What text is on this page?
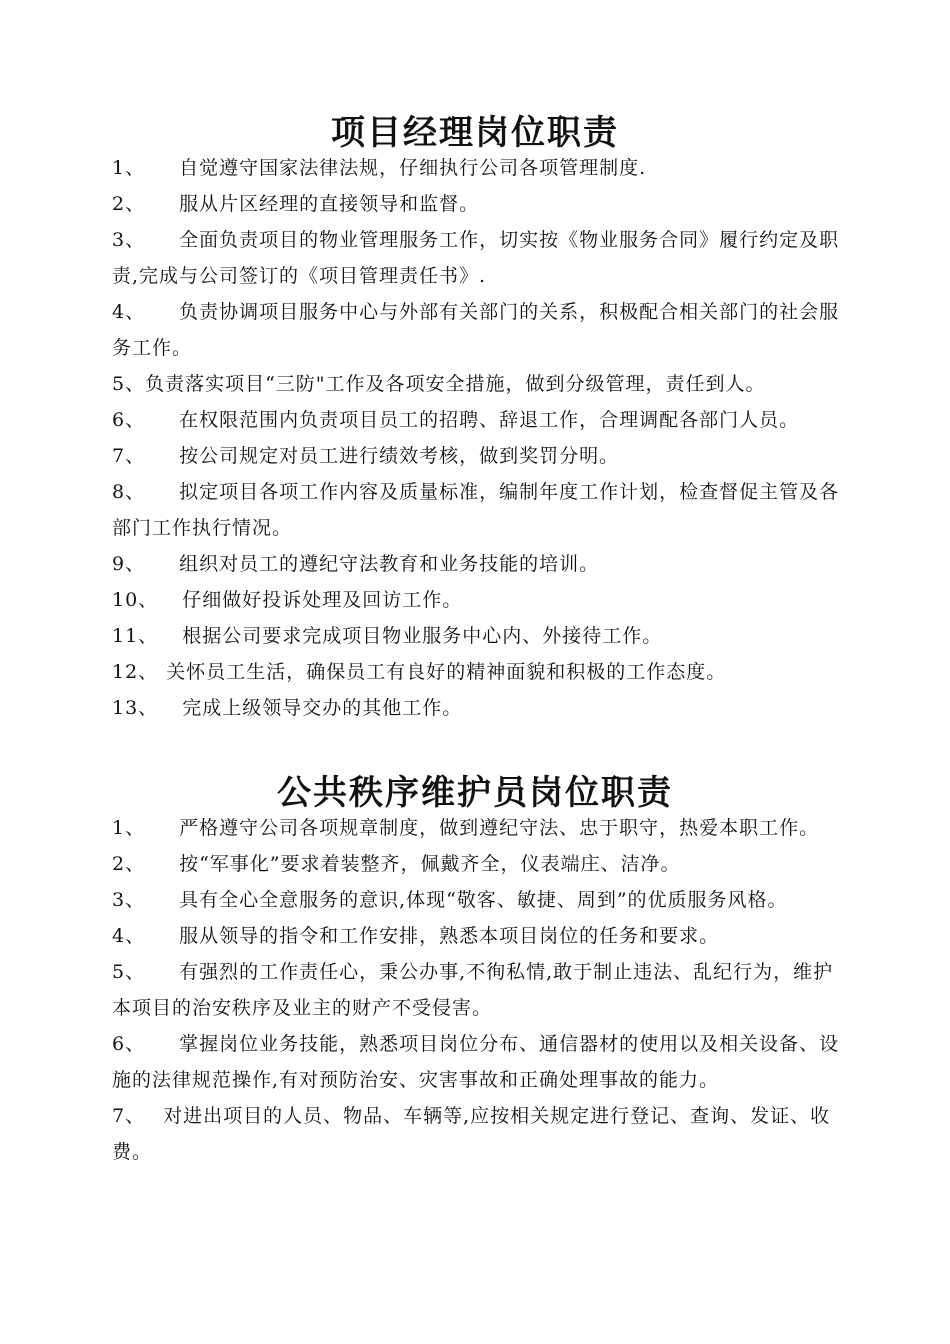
项目经理岗位职责
1、 自觉遵守国家法律法规，仔细执行公司各项管理制度.
2、 服从片区经理的直接领导和监督。
3、 全面负责项目的物业管理服务工作，切实按《物业服务合同》履行约定及职责,完成与公司签订的《项目管理责任书》.
4、 负责协调项目服务中心与外部有关部门的关系，积极配合相关部门的社会服务工作。
5、负责落实项目“三防"工作及各项安全措施，做到分级管理，责任到人。
6、 在权限范围内负责项目员工的招聘、辞退工作，合理调配各部门人员。
7、 按公司规定对员工进行绩效考核，做到奖罚分明。
8、 拟定项目各项工作内容及质量标准，编制年度工作计划，检查督促主管及各部门工作执行情况。
9、 组织对员工的遵纪守法教育和业务技能的培训。
10、 仔细做好投诉处理及回访工作。
11、 根据公司要求完成项目物业服务中心内、外接待工作。
12、 关怀员工生活，确保员工有良好的精神面貌和积极的工作态度。
13、 完成上级领导交办的其他工作。
公共秩序维护员岗位职责
1、 严格遵守公司各项规章制度，做到遵纪守法、忠于职守，热爱本职工作。
2、 按“军事化”要求着装整齐，佩戴齐全，仪表端庄、洁净。
3、 具有全心全意服务的意识,体现“敬客、敏捷、周到”的优质服务风格。
4、 服从领导的指令和工作安排，熟悉本项目岗位的任务和要求。
5、 有强烈的工作责任心，秉公办事,不徇私情,敢于制止违法、乱纪行为，维护本项目的治安秩序及业主的财产不受侵害。
6、 掌握岗位业务技能，熟悉项目岗位分布、通信器材的使用以及相关设备、设施的法律规范操作,有对预防治安、灾害事故和正确处理事故的能力。
7、 对进出项目的人员、物品、车辆等,应按相关规定进行登记、查询、发证、收费。
